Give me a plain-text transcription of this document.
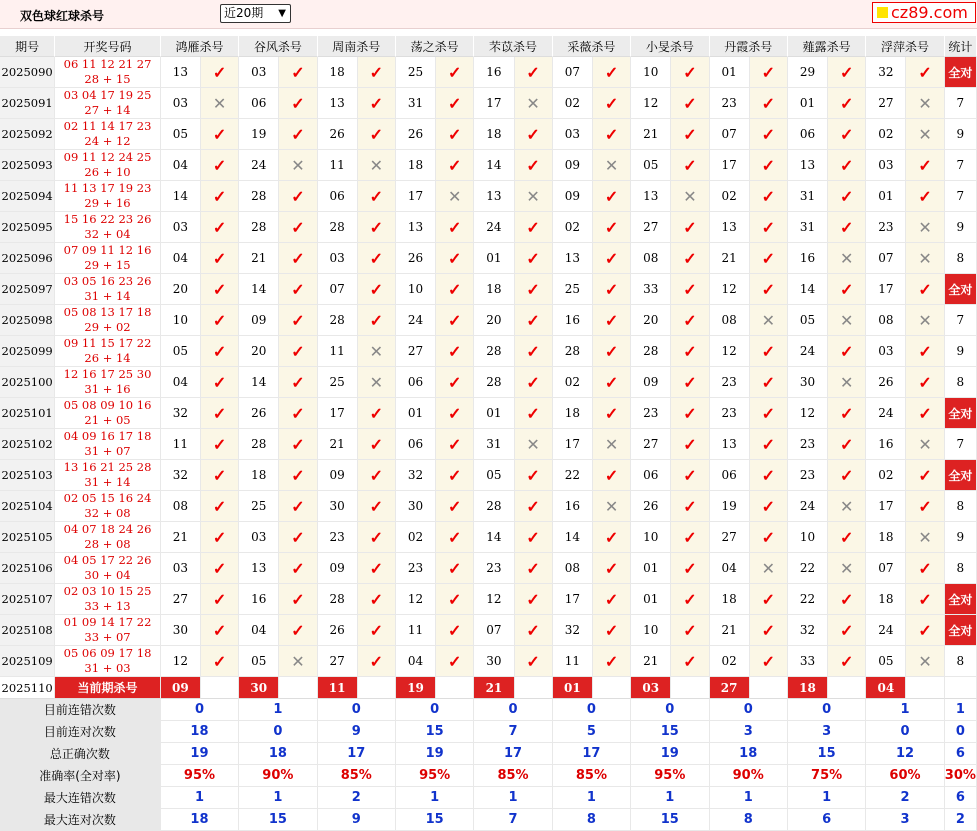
双色球红球杀号	近20期 ▼	cz89.com
期号	开奖号码	鸿雁杀号		谷风杀号		周南杀号		荡之杀号		芣苡杀号		采薇杀号		小旻杀号		丹霞杀号		薤露杀号		浮萍杀号		统计
2025090	06 11 12 21 27 28 + 15	13	✓	03	✓	18	✓	25	✓	16	✓	07	✓	10	✓	01	✓	29	✓	32	✓	全对
2025091	03 04 17 19 25 27 + 14	03	✕	06	✓	13	✓	31	✓	17	✕	02	✓	12	✓	23	✓	01	✓	27	✕	7
2025092	02 11 14 17 23 24 + 12	05	✓	19	✓	26	✓	26	✓	18	✓	03	✓	21	✓	07	✓	06	✓	02	✕	9
2025093	09 11 12 24 25 26 + 10	04	✓	24	✕	11	✕	18	✓	14	✓	09	✕	05	✓	17	✓	13	✓	03	✓	7
2025094	11 13 17 19 23 29 + 16	14	✓	28	✓	06	✓	17	✕	13	✕	09	✓	13	✕	02	✓	31	✓	01	✓	7
2025095	15 16 22 23 26 32 + 04	03	✓	28	✓	28	✓	13	✓	24	✓	02	✓	27	✓	13	✓	31	✓	23	✕	9
2025096	07 09 11 12 16 29 + 15	04	✓	21	✓	03	✓	26	✓	01	✓	13	✓	08	✓	21	✓	16	✕	07	✕	8
2025097	03 05 16 23 26 31 + 14	20	✓	14	✓	07	✓	10	✓	18	✓	25	✓	33	✓	12	✓	14	✓	17	✓	全对
2025098	05 08 13 17 18 29 + 02	10	✓	09	✓	28	✓	24	✓	20	✓	16	✓	20	✓	08	✕	05	✕	08	✕	7
2025099	09 11 15 17 22 26 + 14	05	✓	20	✓	11	✕	27	✓	28	✓	28	✓	28	✓	12	✓	24	✓	03	✓	9
2025100	12 16 17 25 30 31 + 16	04	✓	14	✓	25	✕	06	✓	28	✓	02	✓	09	✓	23	✓	30	✕	26	✓	8
2025101	05 08 09 10 16 21 + 05	32	✓	26	✓	17	✓	01	✓	01	✓	18	✓	23	✓	23	✓	12	✓	24	✓	全对
2025102	04 09 16 17 18 31 + 07	11	✓	28	✓	21	✓	06	✓	31	✕	17	✕	27	✓	13	✓	23	✓	16	✕	7
2025103	13 16 21 25 28 31 + 14	32	✓	18	✓	09	✓	32	✓	05	✓	22	✓	06	✓	06	✓	23	✓	02	✓	全对
2025104	02 05 15 16 24 32 + 08	08	✓	25	✓	30	✓	30	✓	28	✓	16	✕	26	✓	19	✓	24	✕	17	✓	8
2025105	04 07 18 24 26 28 + 08	21	✓	03	✓	23	✓	02	✓	14	✓	14	✓	10	✓	27	✓	10	✓	18	✕	9
2025106	04 05 17 22 26 30 + 04	03	✓	13	✓	09	✓	23	✓	23	✓	08	✓	01	✓	04	✕	22	✕	07	✓	8
2025107	02 03 10 15 25 33 + 13	27	✓	16	✓	28	✓	12	✓	12	✓	17	✓	01	✓	18	✓	22	✓	18	✓	全对
2025108	01 09 14 17 22 33 + 07	30	✓	04	✓	26	✓	11	✓	07	✓	32	✓	10	✓	21	✓	32	✓	24	✓	全对
2025109	05 06 09 17 18 31 + 03	12	✓	05	✕	27	✓	04	✓	30	✓	11	✓	21	✓	02	✓	33	✓	05	✕	8
2025110	当前期杀号	09		30		11		19		21		01		03		27		18		04		
目前连错次数		0		1		0		0		0		0		0		0		0		1		1
目前连对次数		18		0		9		15		7		5		15		3		3		0		0
总正确次数		19		18		17		19		17		17		19		18		15		12		6
准确率(全对率)		95%		90%		85%		95%		85%		85%		95%		90%		75%		60%		30%
最大连错次数		1		1		2		1		1		1		1		1		1		2		6
最大连对次数		18		15		9		15		7		8		15		8		6		3		2
